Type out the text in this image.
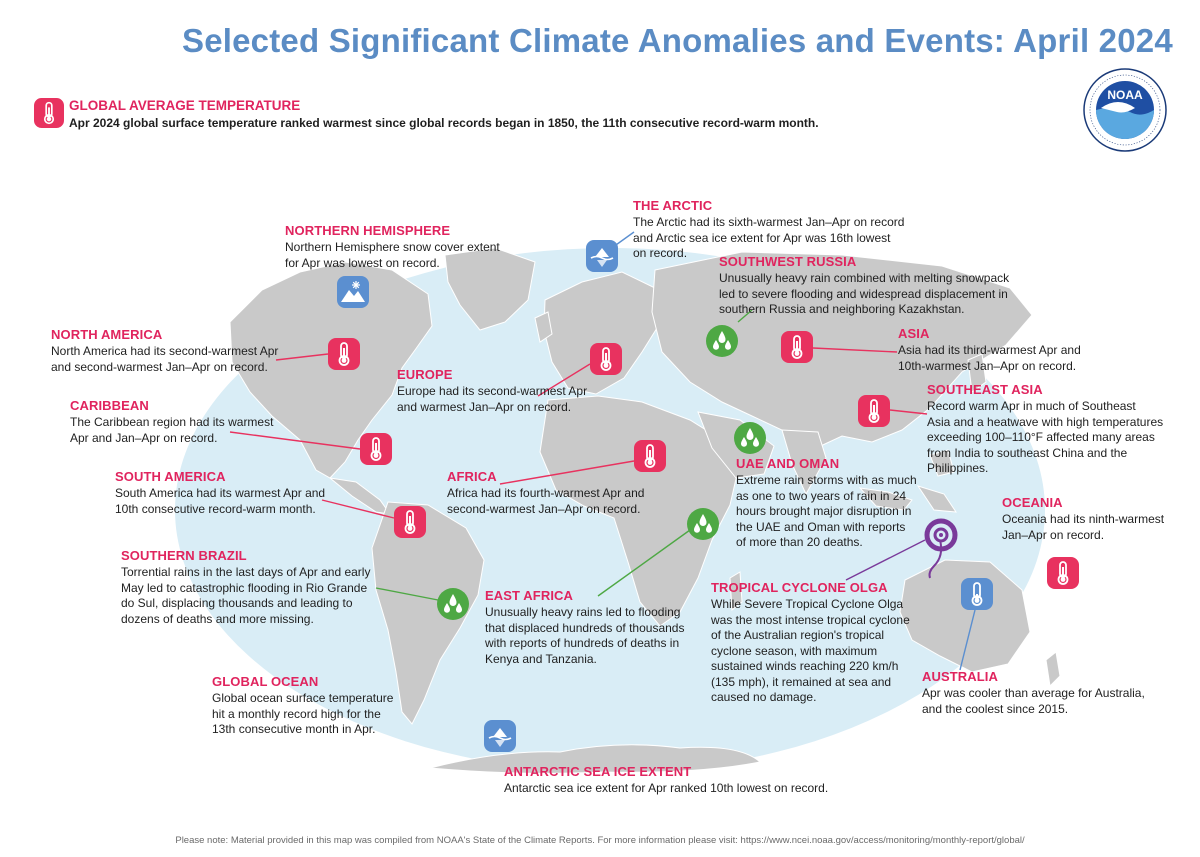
Selected Significant Climate Anomalies and Events: April 2024
GLOBAL AVERAGE TEMPERATURE
Apr 2024 global surface temperature ranked warmest since global records began in 1850, the 11th consecutive record-warm month.
NOAA
THE ARCTIC
The Arctic had its sixth-warmest Jan–Apr on record
and Arctic sea ice extent for Apr was 16th lowest
on record.
NORTHERN HEMISPHERE
Northern Hemisphere snow cover extent
for Apr was lowest on record.	SOUTHWEST RUSSIA
Unusually heavy rain combined with melting snowpack
led to severe flooding and widespread displacement in
southern Russia and neighboring Kazakhstan.
NORTH AMERICA
North America had its second-warmest Apr
and second-warmest Jan–Apr on record.
EUROPE
Europe had its second-warmest Apr
and warmest Jan–Apr on record.
ASIA
Asia had its third-warmest Apr and
10th-warmest Jan–Apr on record.
SOUTHEAST ASIA
Record warm Apr in much of Southeast
Asia and a heatwave with high temperatures
exceeding 100–110°F affected many areas
from India to southeast China and the
Philippines.
CARIBBEAN
The Caribbean region had its warmest
Apr and Jan–Apr on record.
UAE AND OMAN
Extreme rain storms with as much
as one to two years of rain in 24
hours brought major disruption in
the UAE and Oman with reports
of more than 20 deaths.
SOUTH AMERICA
South America had its warmest Apr and
10th consecutive record-warm month.
AFRICA
Africa had its fourth-warmest Apr and
second-warmest Jan–Apr on record.	OCEANIA
Oceania had its ninth-warmest
Jan–Apr on record.
SOUTHERN BRAZIL
Torrential rains in the last days of Apr and early
May led to catastrophic flooding in Rio Grande
do Sul, displacing thousands and leading to
dozens of deaths and more missing.
EAST AFRICA
Unusually heavy rains led to flooding
that displaced hundreds of thousands
with reports of hundreds of deaths in
Kenya and Tanzania.
TROPICAL CYCLONE OLGA
While Severe Tropical Cyclone Olga
was the most intense tropical cyclone
of the Australian region's tropical
cyclone season, with maximum
sustained winds reaching 220 km/h
(135 mph), it remained at sea and
caused no damage.
AUSTRALIA
Apr was cooler than average for Australia,
and the coolest since 2015.
GLOBAL OCEAN
Global ocean surface temperature
hit a monthly record high for the
13th consecutive month in Apr.
ANTARCTIC SEA ICE EXTENT
Antarctic sea ice extent for Apr ranked 10th lowest on record.
Please note: Material provided in this map was compiled from NOAA's State of the Climate Reports. For more information please visit: https://www.ncei.noaa.gov/access/monitoring/monthly-report/global/
